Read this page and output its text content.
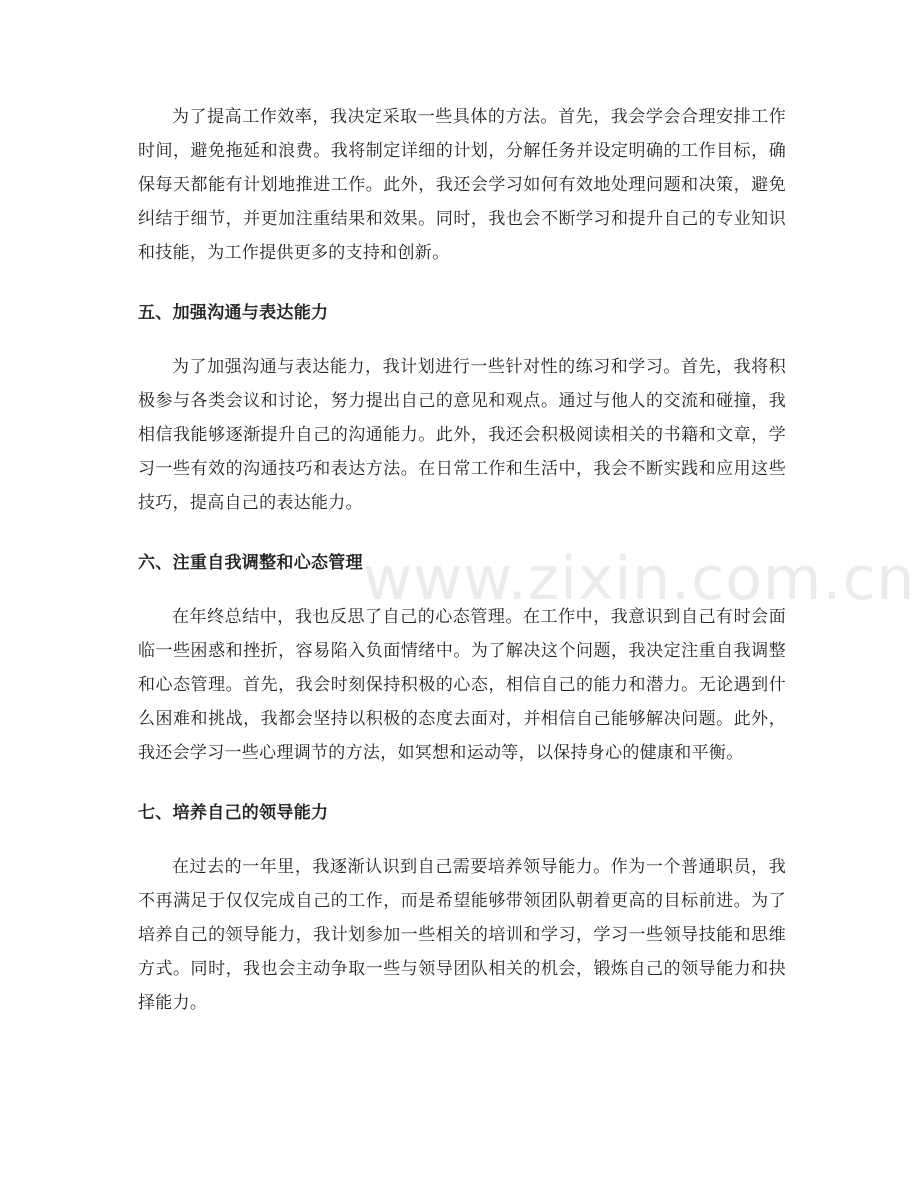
为了提高工作效率，我决定采取一些具体的方法。首先，我会学会合理安排工作时间，避免拖延和浪费。我将制定详细的计划，分解任务并设定明确的工作目标，确保每天都能有计划地推进工作。此外，我还会学习如何有效地处理问题和决策，避免纠结于细节，并更加注重结果和效果。同时，我也会不断学习和提升自己的专业知识和技能，为工作提供更多的支持和创新。

五、加强沟通与表达能力

为了加强沟通与表达能力，我计划进行一些针对性的练习和学习。首先，我将积极参与各类会议和讨论，努力提出自己的意见和观点。通过与他人的交流和碰撞，我相信我能够逐渐提升自己的沟通能力。此外，我还会积极阅读相关的书籍和文章，学习一些有效的沟通技巧和表达方法。在日常工作和生活中，我会不断实践和应用这些技巧，提高自己的表达能力。

六、注重自我调整和心态管理

在年终总结中，我也反思了自己的心态管理。在工作中，我意识到自己有时会面临一些困惑和挫折，容易陷入负面情绪中。为了解决这个问题，我决定注重自我调整和心态管理。首先，我会时刻保持积极的心态，相信自己的能力和潜力。无论遇到什么困难和挑战，我都会坚持以积极的态度去面对，并相信自己能够解决问题。此外，我还会学习一些心理调节的方法，如冥想和运动等，以保持身心的健康和平衡。

七、培养自己的领导能力

在过去的一年里，我逐渐认识到自己需要培养领导能力。作为一个普通职员，我不再满足于仅仅完成自己的工作，而是希望能够带领团队朝着更高的目标前进。为了培养自己的领导能力，我计划参加一些相关的培训和学习，学习一些领导技能和思维方式。同时，我也会主动争取一些与领导团队相关的机会，锻炼自己的领导能力和抉择能力。

www.zixin.com.cn
